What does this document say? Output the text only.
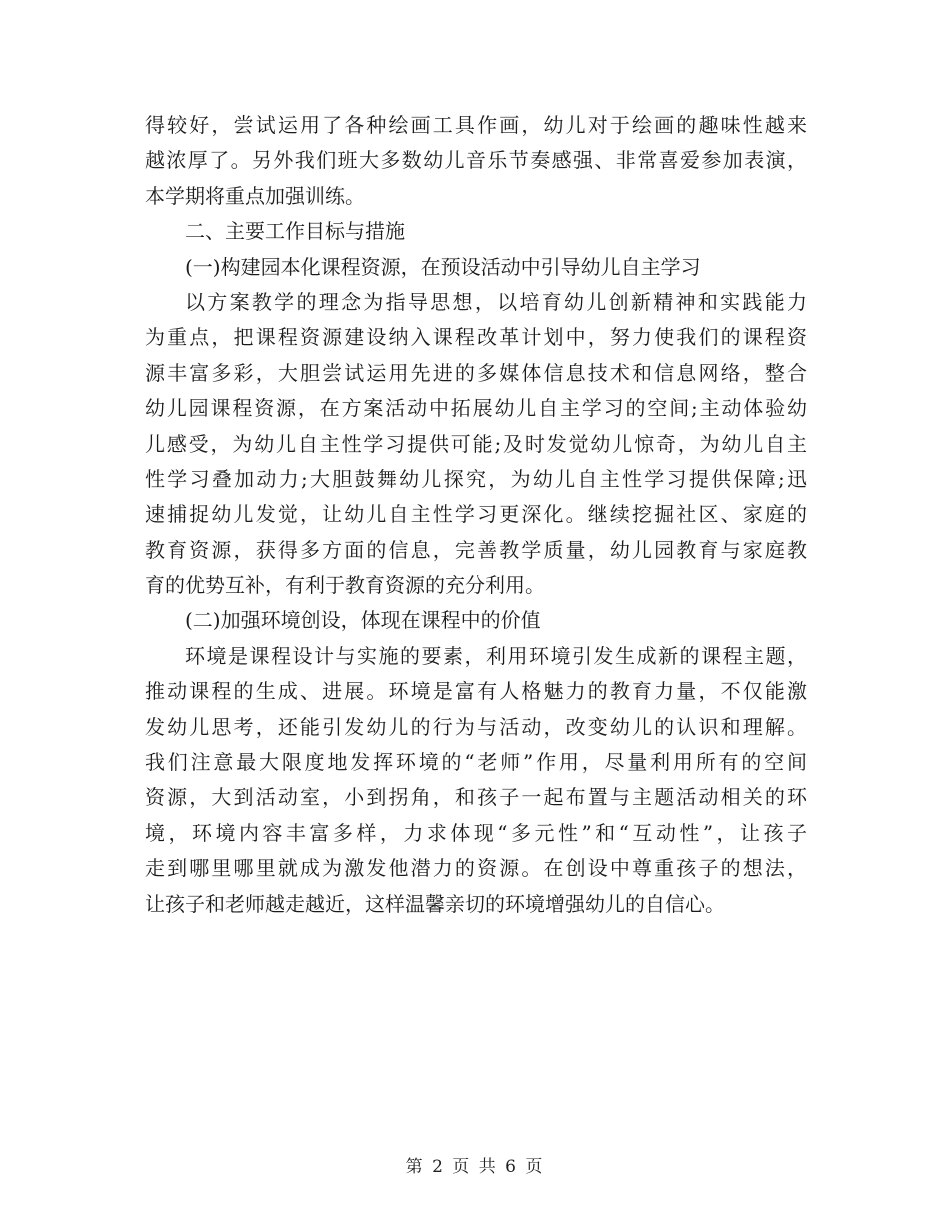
得较好，尝试运用了各种绘画工具作画，幼儿对于绘画的趣味性越来
越浓厚了。另外我们班大多数幼儿音乐节奏感强、非常喜爱参加表演，
本学期将重点加强训练。
二、主要工作目标与措施
(一)构建园本化课程资源，在预设活动中引导幼儿自主学习
以方案教学的理念为指导思想，以培育幼儿创新精神和实践能力
为重点，把课程资源建设纳入课程改革计划中，努力使我们的课程资
源丰富多彩，大胆尝试运用先进的多媒体信息技术和信息网络，整合
幼儿园课程资源，在方案活动中拓展幼儿自主学习的空间;主动体验幼
儿感受，为幼儿自主性学习提供可能;及时发觉幼儿惊奇，为幼儿自主
性学习叠加动力;大胆鼓舞幼儿探究，为幼儿自主性学习提供保障;迅
速捕捉幼儿发觉，让幼儿自主性学习更深化。继续挖掘社区、家庭的
教育资源，获得多方面的信息，完善教学质量，幼儿园教育与家庭教
育的优势互补，有利于教育资源的充分利用。
(二)加强环境创设，体现在课程中的价值
环境是课程设计与实施的要素，利用环境引发生成新的课程主题，
推动课程的生成、进展。环境是富有人格魅力的教育力量，不仅能激
发幼儿思考，还能引发幼儿的行为与活动，改变幼儿的认识和理解。
我们注意最大限度地发挥环境的“老师”作用，尽量利用所有的空间
资源，大到活动室，小到拐角，和孩子一起布置与主题活动相关的环
境，环境内容丰富多样，力求体现“多元性”和“互动性”，让孩子
走到哪里哪里就成为激发他潜力的资源。在创设中尊重孩子的想法，
让孩子和老师越走越近，这样温馨亲切的环境增强幼儿的自信心。
第 2 页 共 6 页
